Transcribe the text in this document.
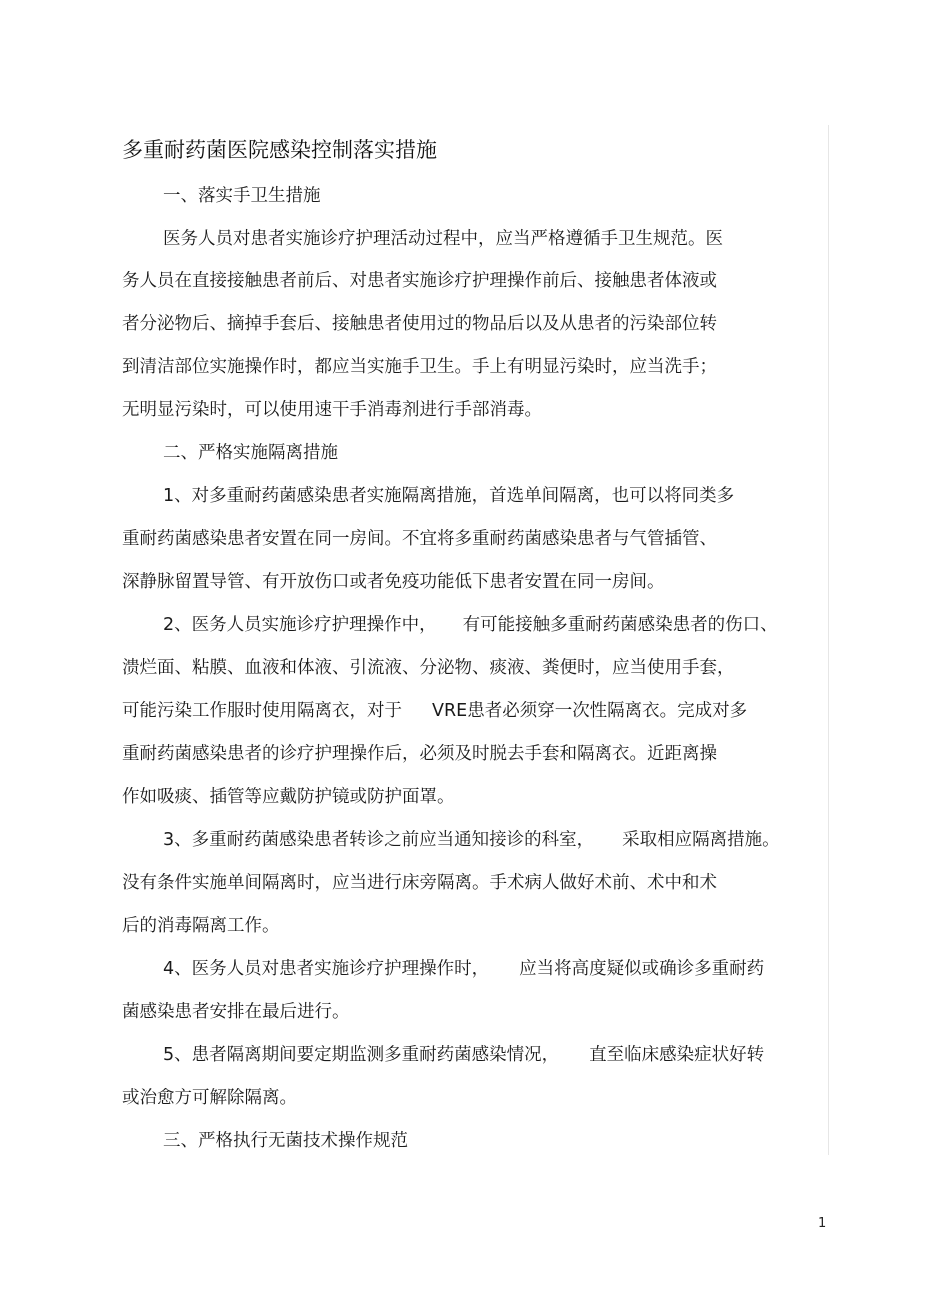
多重耐药菌医院感染控制落实措施
一、落实手卫生措施
医务人员对患者实施诊疗护理活动过程中，应当严格遵循手卫生规范。医
务人员在直接接触患者前后、对患者实施诊疗护理操作前后、接触患者体液或
者分泌物后、摘掉手套后、接触患者使用过的物品后以及从患者的污染部位转
到清洁部位实施操作时，都应当实施手卫生。手上有明显污染时，应当洗手；
无明显污染时，可以使用速干手消毒剂进行手部消毒。
二、严格实施隔离措施
1、对多重耐药菌感染患者实施隔离措施，首选单间隔离，也可以将同类多
重耐药菌感染患者安置在同一房间。不宜将多重耐药菌感染患者与气管插管、
深静脉留置导管、有开放伤口或者免疫功能低下患者安置在同一房间。
2、医务人员实施诊疗护理操作中， 有可能接触多重耐药菌感染患者的伤口、
溃烂面、粘膜、血液和体液、引流液、分泌物、痰液、粪便时，应当使用手套，
可能污染工作服时使用隔离衣，对于 VRE患者必须穿一次性隔离衣。完成对多
重耐药菌感染患者的诊疗护理操作后，必须及时脱去手套和隔离衣。近距离操
作如吸痰、插管等应戴防护镜或防护面罩。
3、多重耐药菌感染患者转诊之前应当通知接诊的科室， 采取相应隔离措施。
没有条件实施单间隔离时，应当进行床旁隔离。手术病人做好术前、术中和术
后的消毒隔离工作。
4、医务人员对患者实施诊疗护理操作时， 应当将高度疑似或确诊多重耐药
菌感染患者安排在最后进行。
5、患者隔离期间要定期监测多重耐药菌感染情况， 直至临床感染症状好转
或治愈方可解除隔离。
三、严格执行无菌技术操作规范
1
